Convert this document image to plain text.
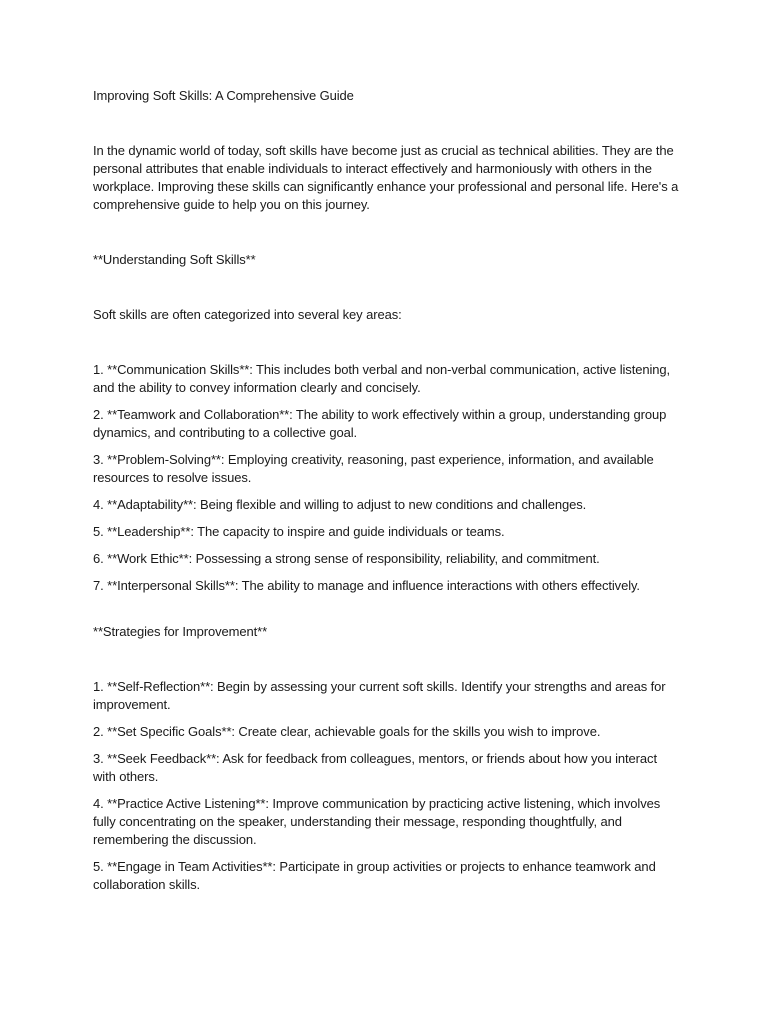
Improving Soft Skills: A Comprehensive Guide

In the dynamic world of today, soft skills have become just as crucial as technical abilities. They are the personal attributes that enable individuals to interact effectively and harmoniously with others in the workplace. Improving these skills can significantly enhance your professional and personal life. Here's a comprehensive guide to help you on this journey.

**Understanding Soft Skills**

Soft skills are often categorized into several key areas:

1. **Communication Skills**: This includes both verbal and non-verbal communication, active listening, and the ability to convey information clearly and concisely.
2. **Teamwork and Collaboration**: The ability to work effectively within a group, understanding group dynamics, and contributing to a collective goal.
3. **Problem-Solving**: Employing creativity, reasoning, past experience, information, and available resources to resolve issues.
4. **Adaptability**: Being flexible and willing to adjust to new conditions and challenges.
5. **Leadership**: The capacity to inspire and guide individuals or teams.
6. **Work Ethic**: Possessing a strong sense of responsibility, reliability, and commitment.
7. **Interpersonal Skills**: The ability to manage and influence interactions with others effectively.

**Strategies for Improvement**

1. **Self-Reflection**: Begin by assessing your current soft skills. Identify your strengths and areas for improvement.
2. **Set Specific Goals**: Create clear, achievable goals for the skills you wish to improve.
3. **Seek Feedback**: Ask for feedback from colleagues, mentors, or friends about how you interact with others.
4. **Practice Active Listening**: Improve communication by practicing active listening, which involves fully concentrating on the speaker, understanding their message, responding thoughtfully, and remembering the discussion.
5. **Engage in Team Activities**: Participate in group activities or projects to enhance teamwork and collaboration skills.
